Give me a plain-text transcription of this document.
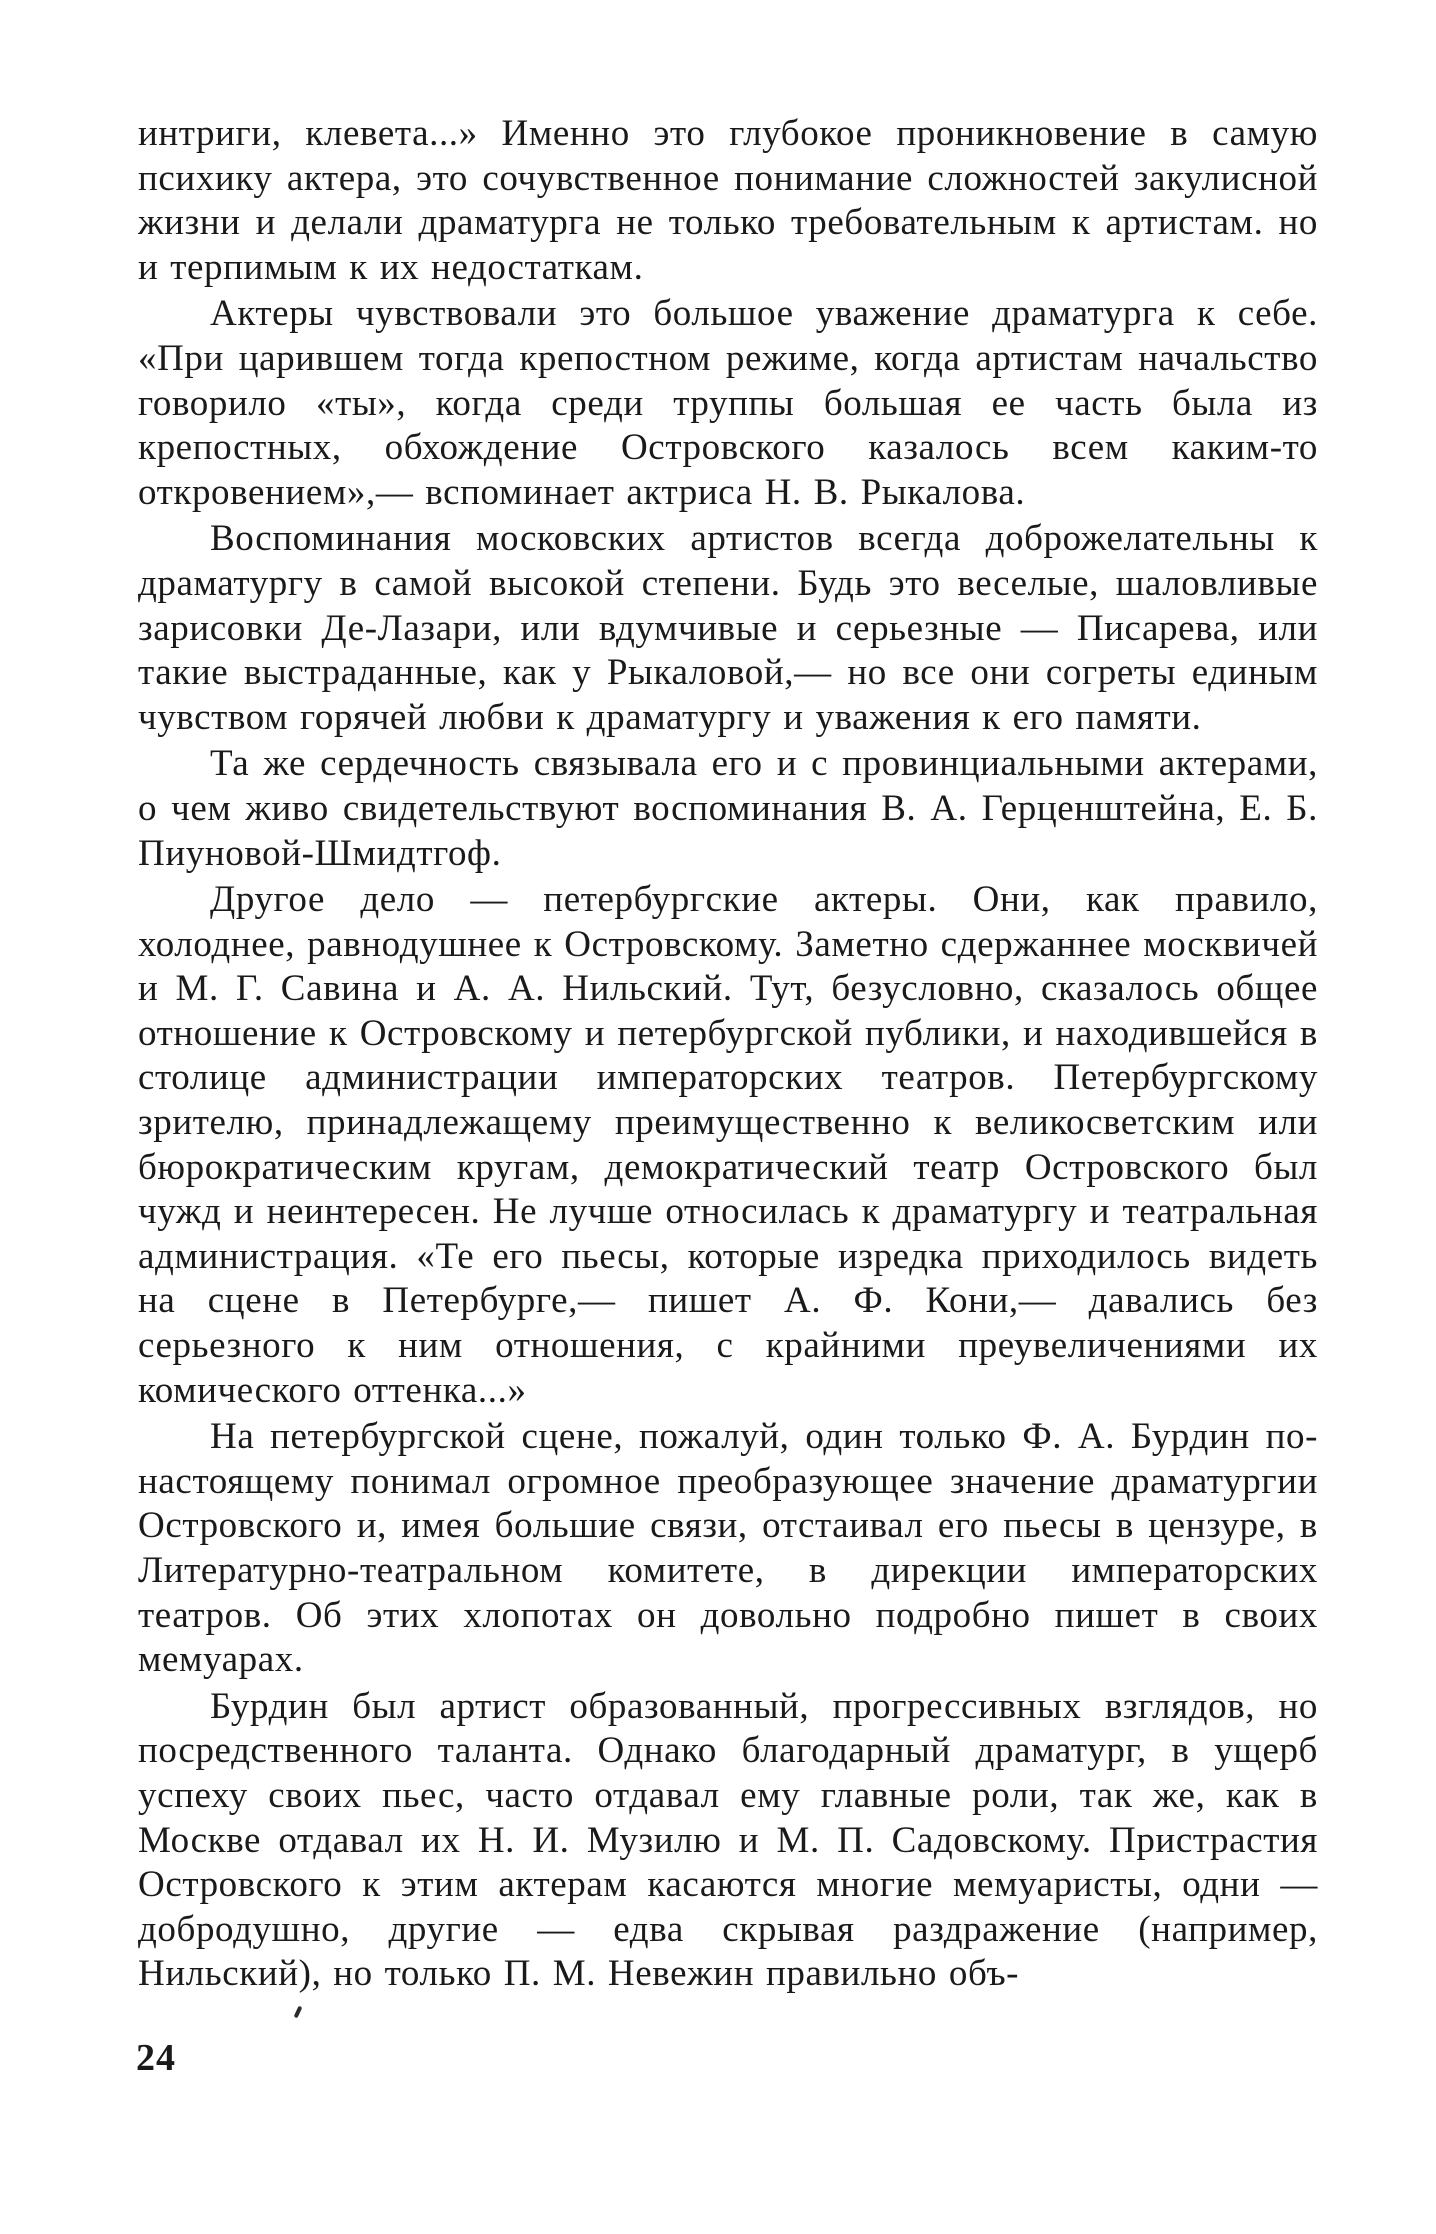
интриги, клевета...» Именно это глубокое проникновение в самую психику актера, это сочувственное понимание сложностей закулисной жизни и делали драматурга не только требовательным к артистам. но и терпимым к их недостаткам.

Актеры чувствовали это большое уважение драматурга к себе. «При царившем тогда крепостном режиме, когда артистам начальство говорило «ты», когда среди труппы большая ее часть была из крепостных, обхождение Островского казалось всем каким-то откровением»,— вспоминает актриса Н. В. Рыкалова.

Воспоминания московских артистов всегда доброжелательны к драматургу в самой высокой степени. Будь это веселые, шаловливые зарисовки Де-Лазари, или вдумчивые и серьезные — Писарева, или такие выстраданные, как у Рыкаловой,— но все они согреты единым чувством горячей любви к драматургу и уважения к его памяти.

Та же сердечность связывала его и с провинциальными актерами, о чем живо свидетельствуют воспоминания В. А. Герценштейна, Е. Б. Пиуновой-Шмидтгоф.

Другое дело — петербургские актеры. Они, как правило, холоднее, равнодушнее к Островскому. Заметно сдержаннее москвичей и М. Г. Савина и А. А. Нильский. Тут, безусловно, сказалось общее отношение к Островскому и петербургской публики, и находившейся в столице администрации императорских театров. Петербургскому зрителю, принадлежащему преимущественно к великосветским или бюрократическим кругам, демократический театр Островского был чужд и неинтересен. Не лучше относилась к драматургу и театральная администрация. «Те его пьесы, которые изредка приходилось видеть на сцене в Петербурге,— пишет А. Ф. Кони,— давались без серьезного к ним отношения, с крайними преувеличениями их комического оттенка...»

На петербургской сцене, пожалуй, один только Ф. А. Бурдин по-настоящему понимал огромное преобразующее значение драматургии Островского и, имея большие связи, отстаивал его пьесы в цензуре, в Литературно-театральном комитете, в дирекции императорских театров. Об этих хлопотах он довольно подробно пишет в своих мемуарах.

Бурдин был артист образованный, прогрессивных взглядов, но посредственного таланта. Однако благодарный драматург, в ущерб успеху своих пьес, часто отдавал ему главные роли, так же, как в Москве отдавал их Н. И. Музилю и М. П. Садовскому. Пристрастия Островского к этим актерам касаются многие мемуаристы, одни — добродушно, другие — едва скрывая раздражение (например, Нильский), но только П. М. Невежин правильно объ-

24
